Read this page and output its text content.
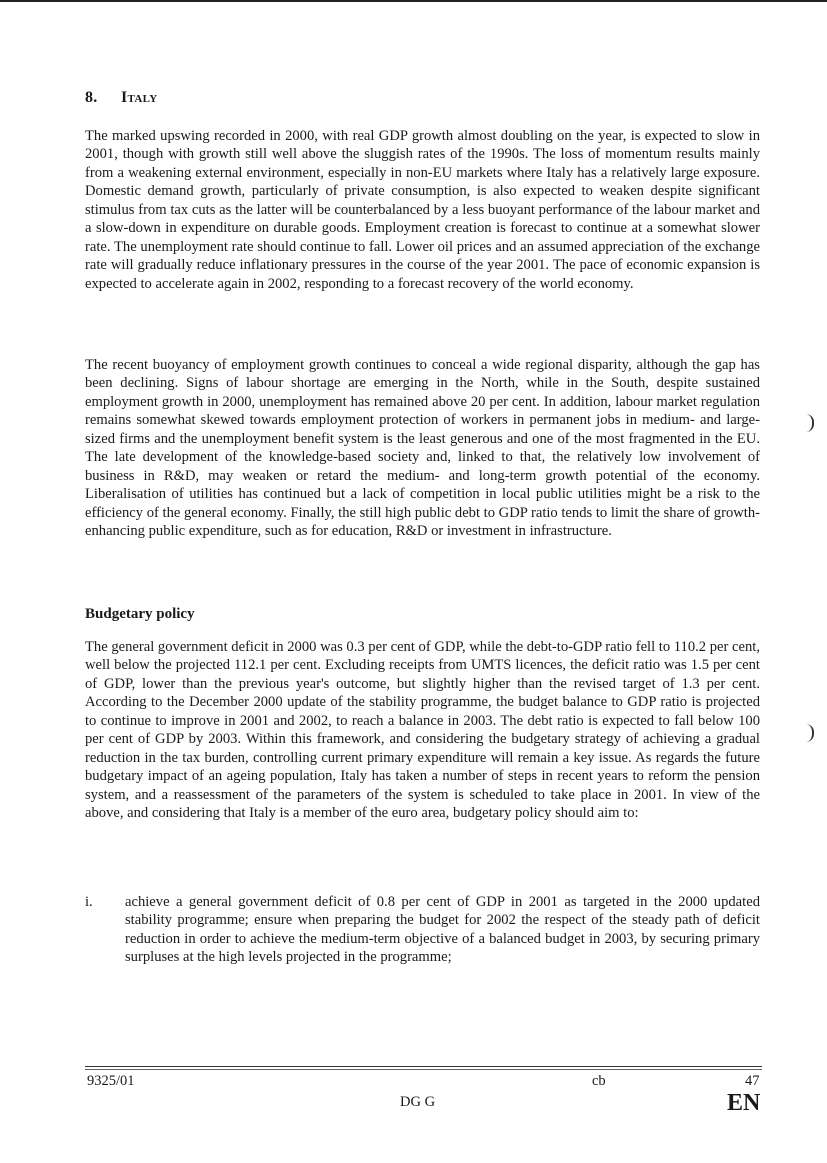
8. Italy

The marked upswing recorded in 2000, with real GDP growth almost doubling on the year, is expected to slow in 2001, though with growth still well above the sluggish rates of the 1990s. The loss of momentum results mainly from a weakening external environment, especially in non-EU markets where Italy has a relatively large exposure. Domestic demand growth, particularly of private consumption, is also expected to weaken despite significant stimulus from tax cuts as the latter will be counterbalanced by a less buoyant performance of the labour market and a slow-down in expenditure on durable goods. Employment creation is forecast to continue at a somewhat slower rate. The unemployment rate should continue to fall. Lower oil prices and an assumed appreciation of the exchange rate will gradually reduce inflationary pressures in the course of the year 2001. The pace of economic expansion is expected to accelerate again in 2002, responding to a forecast recovery of the world economy.

The recent buoyancy of employment growth continues to conceal a wide regional disparity, although the gap has been declining. Signs of labour shortage are emerging in the North, while in the South, despite sustained employment growth in 2000, unemployment has remained above 20 per cent. In addition, labour market regulation remains somewhat skewed towards employment protection of workers in permanent jobs in medium- and large-sized firms and the unemployment benefit system is the least generous and one of the most fragmented in the EU. The late development of the knowledge-based society and, linked to that, the relatively low involvement of business in R&D, may weaken or retard the medium- and long-term growth potential of the economy. Liberalisation of utilities has continued but a lack of competition in local public utilities might be a risk to the efficiency of the general economy. Finally, the still high public debt to GDP ratio tends to limit the share of growth-enhancing public expenditure, such as for education, R&D or investment in infrastructure.

Budgetary policy

The general government deficit in 2000 was 0.3 per cent of GDP, while the debt-to-GDP ratio fell to 110.2 per cent, well below the projected 112.1 per cent. Excluding receipts from UMTS licences, the deficit ratio was 1.5 per cent of GDP, lower than the previous year's outcome, but slightly higher than the revised target of 1.3 per cent. According to the December 2000 update of the stability programme, the budget balance to GDP ratio is projected to continue to improve in 2001 and 2002, to reach a balance in 2003. The debt ratio is expected to fall below 100 per cent of GDP by 2003. Within this framework, and considering the budgetary strategy of achieving a gradual reduction in the tax burden, controlling current primary expenditure will remain a key issue. As regards the future budgetary impact of an ageing population, Italy has taken a number of steps in recent years to reform the pension system, and a reassessment of the parameters of the system is scheduled to take place in 2001. In view of the above, and considering that Italy is a member of the euro area, budgetary policy should aim to:

i. achieve a general government deficit of 0.8 per cent of GDP in 2001 as targeted in the 2000 updated stability programme; ensure when preparing the budget for 2002 the respect of the steady path of deficit reduction in order to achieve the medium-term objective of a balanced budget in 2003, by securing primary surpluses at the high levels projected in the programme;
9325/01	cb	47
DG G	EN
